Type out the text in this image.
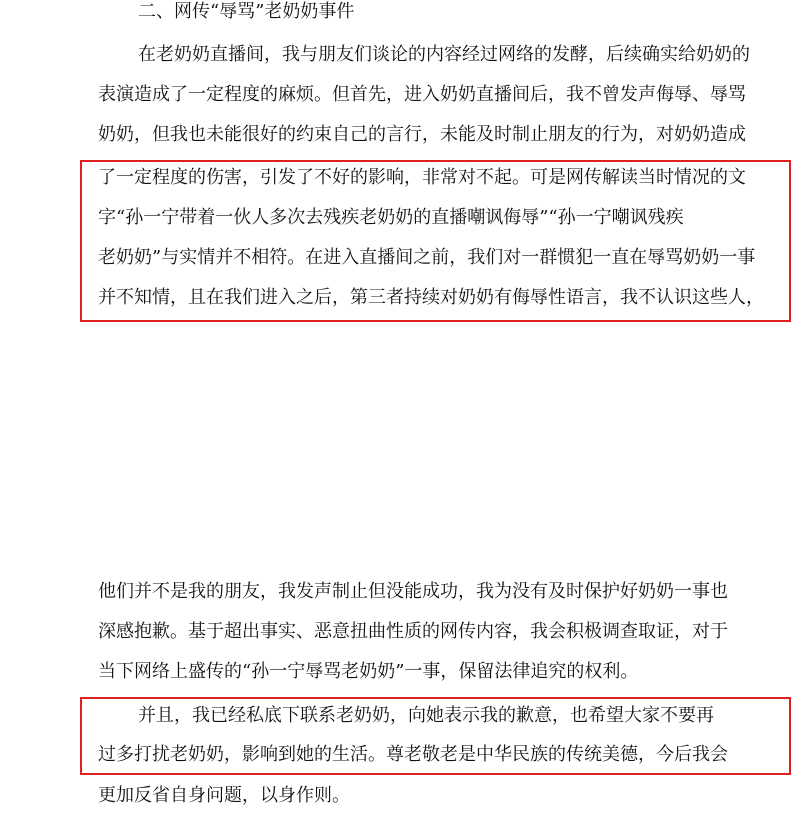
二、网传“辱骂”老奶奶事件
在老奶奶直播间，我与朋友们谈论的内容经过网络的发酵，后续确实给奶奶的
表演造成了一定程度的麻烦。但首先，进入奶奶直播间后，我不曾发声侮辱、辱骂
奶奶，但我也未能很好的约束自己的言行，未能及时制止朋友的行为，对奶奶造成
了一定程度的伤害，引发了不好的影响，非常对不起。可是网传解读当时情况的文
字“孙一宁带着一伙人多次去残疾老奶奶的直播嘲讽侮辱”“孙一宁嘲讽残疾
老奶奶”与实情并不相符。在进入直播间之前，我们对一群惯犯一直在辱骂奶奶一事
并不知情，且在我们进入之后，第三者持续对奶奶有侮辱性语言，我不认识这些人，
他们并不是我的朋友，我发声制止但没能成功，我为没有及时保护好奶奶一事也
深感抱歉。基于超出事实、恶意扭曲性质的网传内容，我会积极调查取证，对于
当下网络上盛传的“孙一宁辱骂老奶奶”一事，保留法律追究的权利。
并且，我已经私底下联系老奶奶，向她表示我的歉意，也希望大家不要再
过多打扰老奶奶，影响到她的生活。尊老敬老是中华民族的传统美德，今后我会
更加反省自身问题，以身作则。
